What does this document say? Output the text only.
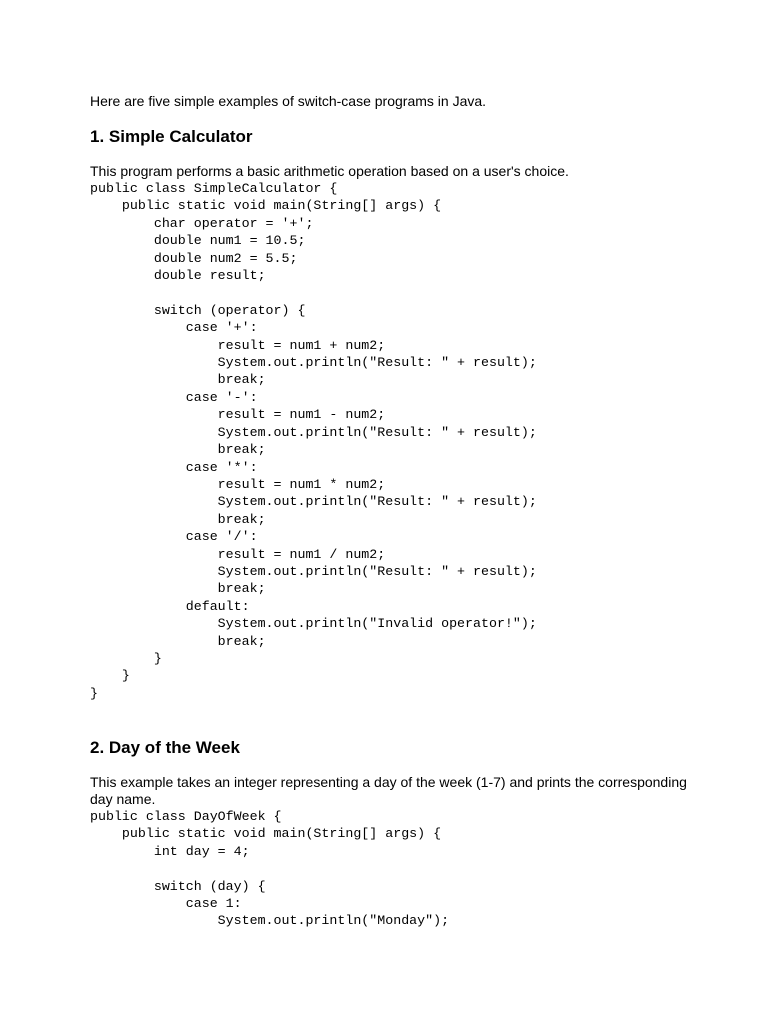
Here are five simple examples of switch-case programs in Java.

1. Simple Calculator

This program performs a basic arithmetic operation based on a user's choice.

public class SimpleCalculator {
public static void main(String[] args) {
char operator = '+';
double num1 = 10.5;
double num2 = 5.5;
double result;

switch (operator) {
case '+':
result = num1 + num2;
System.out.println("Result: " + result);
break;
case '-':
result = num1 - num2;
System.out.println("Result: " + result);
break;
case '*':
result = num1 * num2;
System.out.println("Result: " + result);
break;
case '/':
result = num1 / num2;
System.out.println("Result: " + result);
break;
default:
System.out.println("Invalid operator!");
break;
}
}
}
2. Day of the Week

This example takes an integer representing a day of the week (1-7) and prints the corresponding day name.

public class DayOfWeek {
public static void main(String[] args) {
int day = 4;

switch (day) {
case 1:
System.out.println("Monday");
